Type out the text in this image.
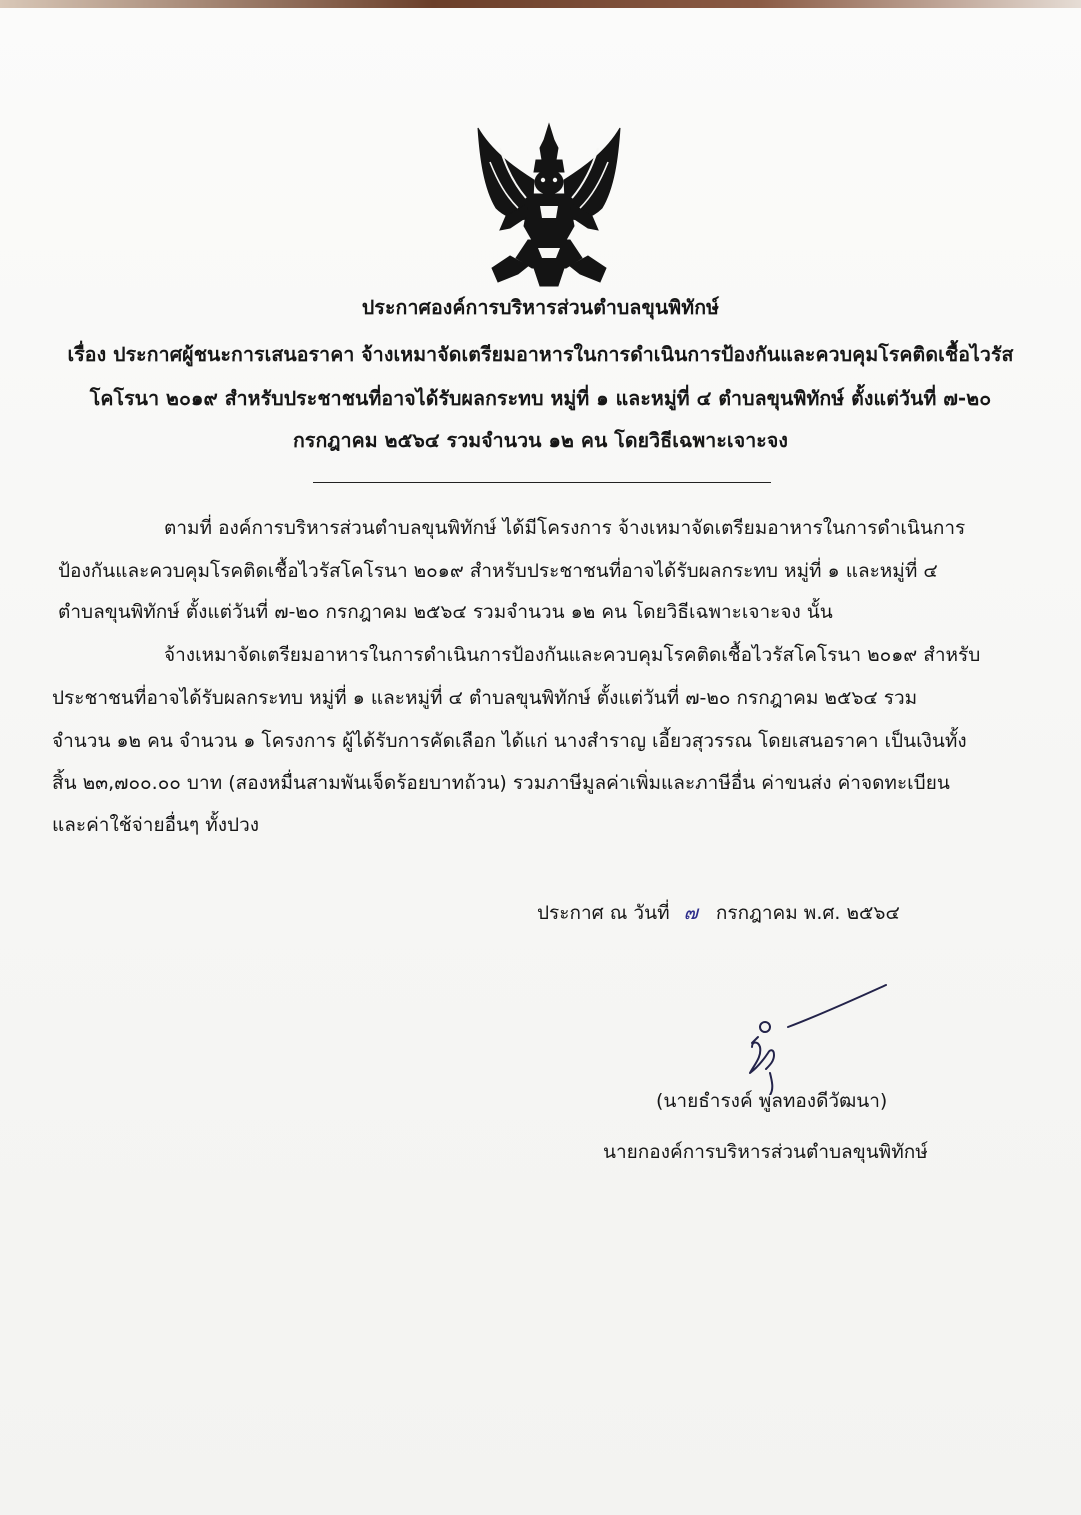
ประกาศองค์การบริหารส่วนตำบลขุนพิทักษ์
เรื่อง ประกาศผู้ชนะการเสนอราคา จ้างเหมาจัดเตรียมอาหารในการดำเนินการป้องกันและควบคุมโรคติดเชื้อไวรัส
โคโรนา ๒๐๑๙ สำหรับประชาชนที่อาจได้รับผลกระทบ หมู่ที่ ๑ และหมู่ที่ ๔ ตำบลขุนพิทักษ์ ตั้งแต่วันที่ ๗-๒๐
กรกฎาคม ๒๕๖๔ รวมจำนวน ๑๒ คน โดยวิธีเฉพาะเจาะจง
ตามที่ องค์การบริหารส่วนตำบลขุนพิทักษ์ ได้มีโครงการ จ้างเหมาจัดเตรียมอาหารในการดำเนินการ
ป้องกันและควบคุมโรคติดเชื้อไวรัสโคโรนา ๒๐๑๙ สำหรับประชาชนที่อาจได้รับผลกระทบ หมู่ที่ ๑ และหมู่ที่ ๔
ตำบลขุนพิทักษ์ ตั้งแต่วันที่ ๗-๒๐ กรกฎาคม ๒๕๖๔ รวมจำนวน ๑๒ คน โดยวิธีเฉพาะเจาะจง นั้น
จ้างเหมาจัดเตรียมอาหารในการดำเนินการป้องกันและควบคุมโรคติดเชื้อไวรัสโคโรนา ๒๐๑๙ สำหรับ
ประชาชนที่อาจได้รับผลกระทบ หมู่ที่ ๑ และหมู่ที่ ๔ ตำบลขุนพิทักษ์ ตั้งแต่วันที่ ๗-๒๐ กรกฎาคม ๒๕๖๔ รวม
จำนวน ๑๒ คน จำนวน ๑ โครงการ ผู้ได้รับการคัดเลือก ได้แก่ นางสำราญ เอี้ยวสุวรรณ โดยเสนอราคา เป็นเงินทั้ง
สิ้น ๒๓,๗๐๐.๐๐ บาท (สองหมื่นสามพันเจ็ดร้อยบาทถ้วน) รวมภาษีมูลค่าเพิ่มและภาษีอื่น ค่าขนส่ง ค่าจดทะเบียน
และค่าใช้จ่ายอื่นๆ ทั้งปวง
ประกาศ ณ วันที่ ๗ กรกฎาคม พ.ศ. ๒๕๖๔
(นายธำรงค์ พูลทองดีวัฒนา)
นายกองค์การบริหารส่วนตำบลขุนพิทักษ์
